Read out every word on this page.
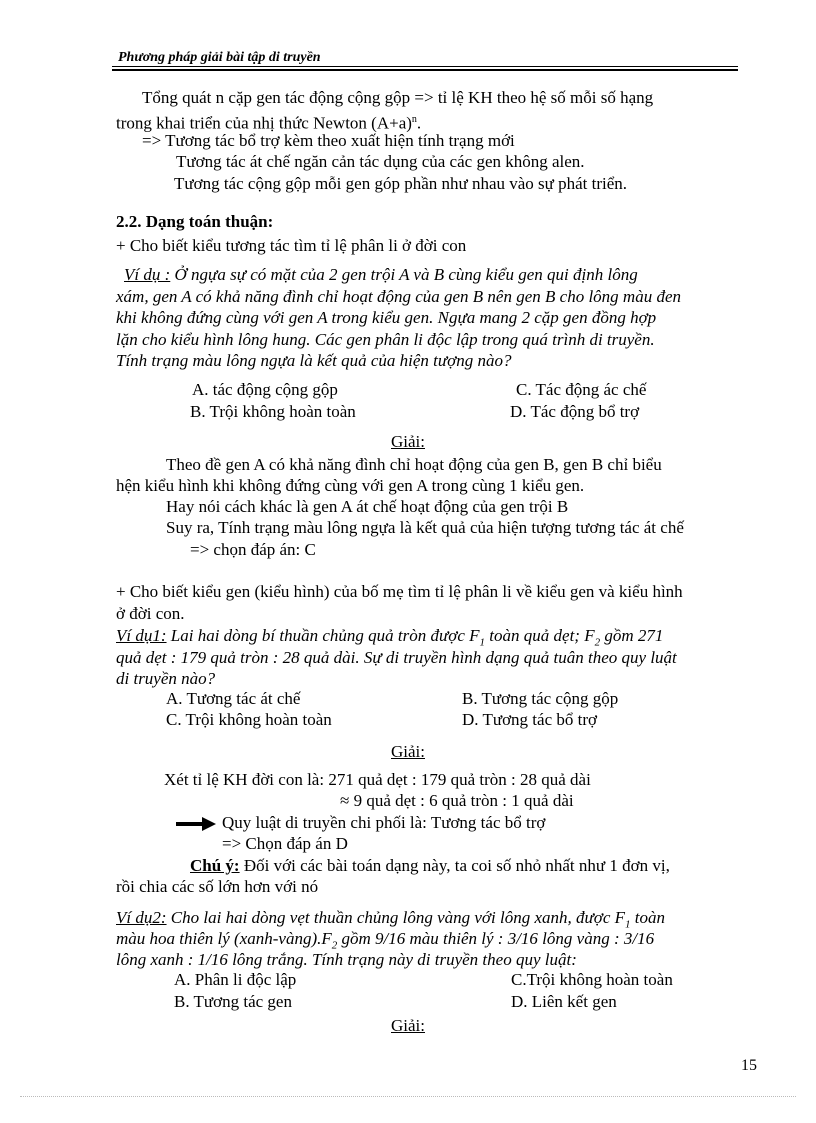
Phương pháp giải bài tập di truyền
Tổng quát n cặp gen tác động cộng gộp => tỉ lệ KH theo hệ số mỗi số hạng
trong khai triển của nhị thức Newton $(A+a)^n$.
=> Tương tác bổ trợ kèm theo xuất hiện tính trạng mới
Tương tác át chế ngăn cản tác dụng của các gen không alen.
Tương tác cộng gộp mỗi gen góp phần như nhau vào sự phát triển.
2.2. Dạng toán thuận:
+ Cho biết kiểu tương tác tìm tỉ lệ phân li ở đời con
Ví dụ : Ở ngựa sự có mặt của 2 gen trội A và B cùng kiểu gen qui định lông
xám, gen A có khả năng đình chỉ hoạt động của gen B nên gen B cho lông màu đen
khi không đứng cùng với gen A trong kiểu gen. Ngựa mang 2 cặp gen đồng hợp
lặn cho kiểu hình lông hung. Các gen phân li độc lập trong quá trình di truyền.
Tính trạng màu lông ngựa là kết quả của hiện tượng nào?
A. tác động cộng gộp	C. Tác động ác chế
B. Trội không hoàn toàn	D. Tác động bổ trợ
Giải:
Theo đề gen A có khả năng đình chỉ hoạt động của gen B, gen B chỉ biểu
hện kiểu hình khi không đứng cùng với gen A trong cùng 1 kiểu gen.
Hay nói cách khác là gen A át chế hoạt động của gen trội B
Suy ra, Tính trạng màu lông ngựa là kết quả của hiện tượng tương tác át chế
=> chọn đáp án: C
+ Cho biết kiểu gen (kiểu hình) của bố mẹ tìm tỉ lệ phân li về kiểu gen và kiểu hình
ở đời con.
Ví dụ1: Lai hai dòng bí thuần chủng quả tròn được $F_1$ toàn quả dẹt; $F_2$ gồm 271
quả dẹt : 179 quả tròn : 28 quả dài. Sự di truyền hình dạng quả tuân theo quy luật
di truyền nào?
A. Tương tác át chế	B. Tương tác cộng gộp
C. Trội không hoàn toàn	D. Tương tác bổ trợ
Giải:
Xét tỉ lệ KH đời con là: 271 quả dẹt : 179 quả tròn : 28 quả dài
≈ 9 quả dẹt : 6 quả tròn : 1 quả dài
Quy luật di truyền chi phối là: Tương tác bổ trợ
=> Chọn đáp án D
Chú ý: Đối với các bài toán dạng này, ta coi số nhỏ nhất như 1 đơn vị,
rồi chia các số lớn hơn với nó
Ví dụ2: Cho lai hai dòng vẹt thuần chủng lông vàng với lông xanh, được $F_1$ toàn
màu hoa thiên lý $(xanh-vàng).F_2$ gồm 9/16 màu thiên lý : 3/16 lông vàng : 3/16
lông xanh : 1/16 lông trắng. Tính trạng này di truyền theo quy luật:
A. Phân li độc lập	C.Trội không hoàn toàn
B. Tương tác gen	D. Liên kết gen
Giải:
15
